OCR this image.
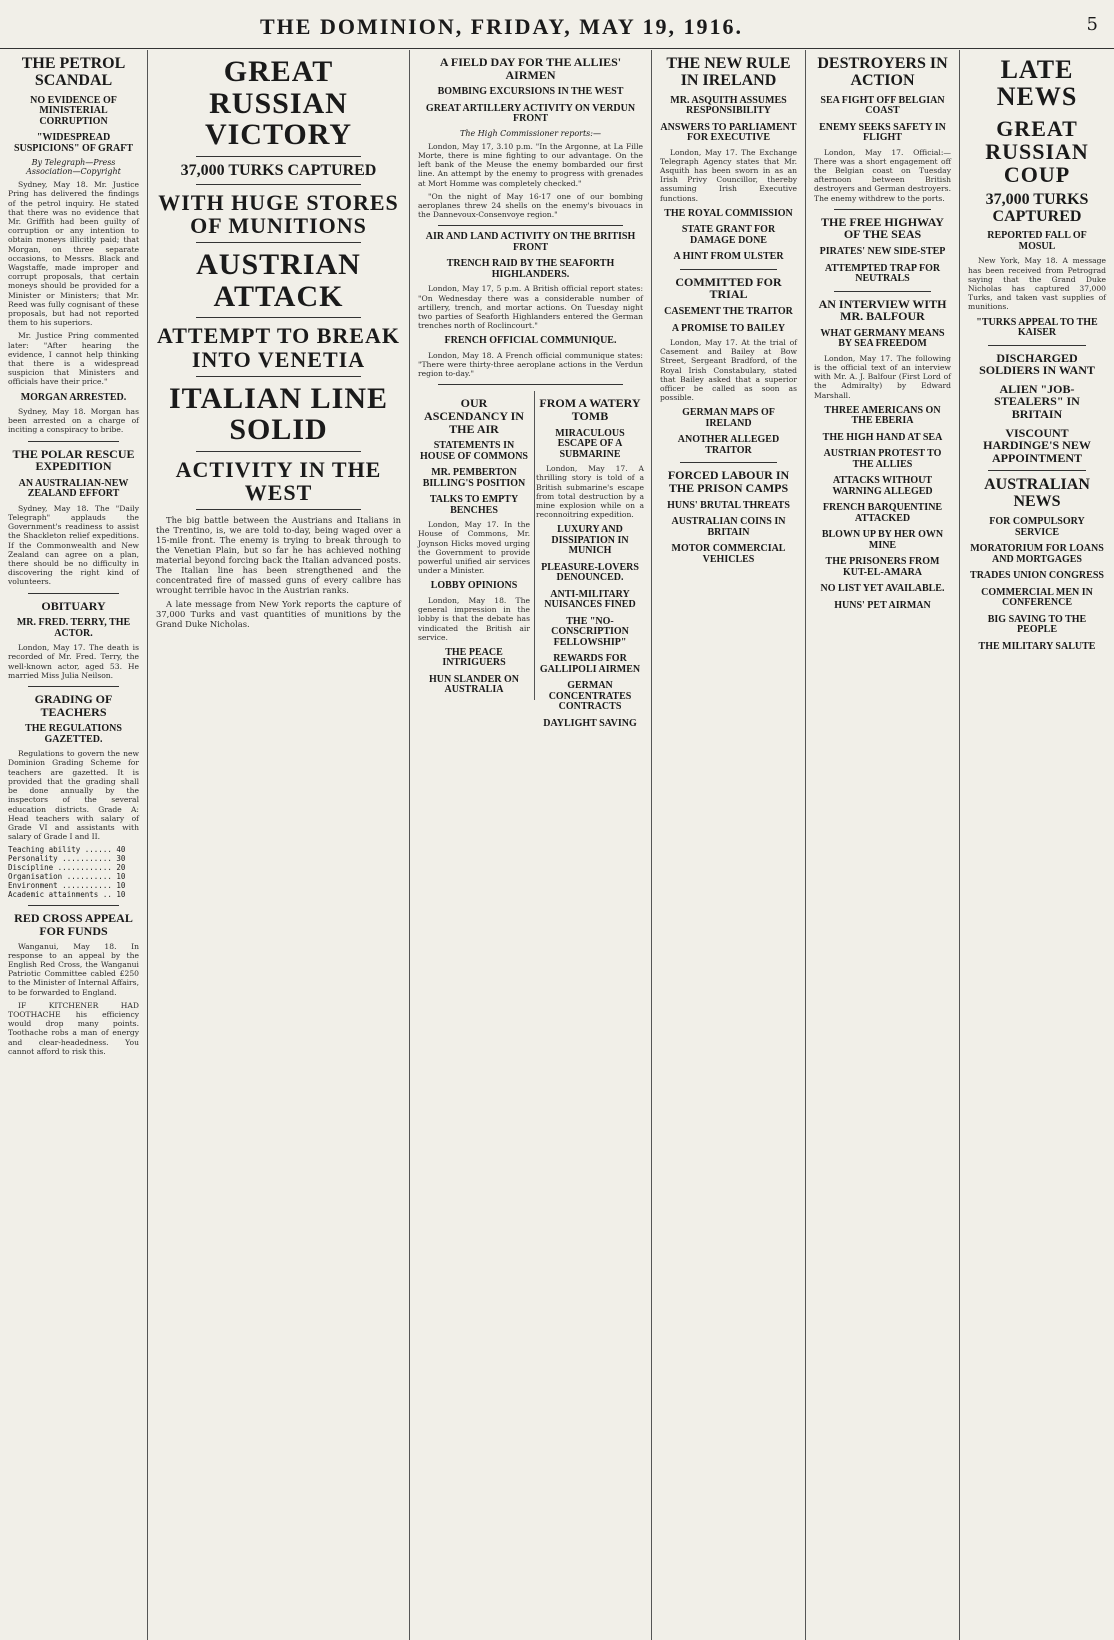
THE DOMINION, FRIDAY, MAY 19, 1916.	5
THE PETROL SCANDAL
NO EVIDENCE OF MINISTERIAL CORRUPTION
"WIDESPREAD SUSPICIONS" OF GRAFT
By Telegraph—Press Association—Copyright

Sydney, May 18. Mr. Justice Pring has delivered the findings of the petrol inquiry. He stated that there was no evidence that Mr. Griffith had been guilty of corruption or any intention to obtain moneys illicitly paid; that Morgan, on three separate occasions, to Messrs. Black and Wagstaffe, made improper and corrupt proposals, that certain moneys should be provided for a Minister or Ministers; that Mr. Reed was fully cognisant of these proposals, but had not reported them to his superiors.

Mr. Justice Pring commented later: "After hearing the evidence, I cannot help thinking that there is a widespread suspicion that Ministers and officials have their price."

MORGAN ARRESTED.

Sydney, May 18. Morgan has been arrested on a charge of inciting a conspiracy to bribe.

THE POLAR RESCUE EXPEDITION
AN AUSTRALIAN-NEW ZEALAND EFFORT

Sydney, May 18. The "Daily Telegraph" applauds the Government's readiness to assist the Shackleton relief expeditions. If the Commonwealth and New Zealand can agree on a plan, there should be no difficulty in discovering the right kind of volunteers.

OBITUARY
MR. FRED. TERRY, THE ACTOR.

London, May 17. The death is recorded of Mr. Fred. Terry, the well-known actor, aged 53. He married Miss Julia Neilson.

GRADING OF TEACHERS
THE REGULATIONS GAZETTED.

Regulations to govern the new Dominion Grading Scheme for teachers are gazetted. It is provided that the grading shall be done annually by the inspectors of the several education districts. Grade A: Head teachers with salary of Grade VI and assistants with salary of Grade I and II.

Teaching ability ...... 40
Personality ........... 30
Discipline ............ 20
Organisation .......... 10
Environment ........... 10
Academic attainments .. 10
RED CROSS APPEAL FOR FUNDS

Wanganui, May 18. In response to an appeal by the English Red Cross, the Wanganui Patriotic Committee cabled £250 to the Minister of Internal Affairs, to be forwarded to England.

IF KITCHENER HAD TOOTHACHE his efficiency would drop many points. Toothache robs a man of energy and clear-headedness. You cannot afford to risk this.

GREAT RUSSIAN VICTORY
37,000 TURKS CAPTURED
WITH HUGE STORES OF MUNITIONS
AUSTRIAN ATTACK
ATTEMPT TO BREAK INTO VENETIA
ITALIAN LINE SOLID
ACTIVITY IN THE WEST

The big battle between the Austrians and Italians in the Trentino, is, we are told to-day, being waged over a 15-mile front. The enemy is trying to break through to the Venetian Plain, but so far he has achieved nothing material beyond forcing back the Italian advanced posts. The Italian line has been strengthened and the concentrated fire of massed guns of every calibre has wrought terrible havoc in the Austrian ranks.

A late message from New York reports the capture of 37,000 Turks and vast quantities of munitions by the Grand Duke Nicholas.

A FIELD DAY FOR THE ALLIES' AIRMEN
BOMBING EXCURSIONS IN THE WEST
GREAT ARTILLERY ACTIVITY ON VERDUN FRONT
The High Commissioner reports:—

London, May 17, 3.10 p.m. "In the Argonne, at La Fille Morte, there is mine fighting to our advantage. On the left bank of the Meuse the enemy bombarded our first line. An attempt by the enemy to progress with grenades at Mort Homme was completely checked."

"On the night of May 16-17 one of our bombing aeroplanes threw 24 shells on the enemy's bivouacs in the Dannevoux-Consenvoye region."

AIR AND LAND ACTIVITY ON THE BRITISH FRONT
TRENCH RAID BY THE SEAFORTH HIGHLANDERS.

London, May 17, 5 p.m. A British official report states: "On Wednesday there was a considerable number of artillery, trench, and mortar actions. On Tuesday night two parties of Seaforth Highlanders entered the German trenches north of Roclincourt."

FRENCH OFFICIAL COMMUNIQUE.

London, May 18. A French official communique states: "There were thirty-three aeroplane actions in the Verdun region to-day."

OUR ASCENDANCY IN THE AIR
STATEMENTS IN HOUSE OF COMMONS
MR. PEMBERTON BILLING'S POSITION
TALKS TO EMPTY BENCHES

London, May 17. In the House of Commons, Mr. Joynson Hicks moved urging the Government to provide powerful unified air services under a Minister.

LOBBY OPINIONS

London, May 18. The general impression in the lobby is that the debate has vindicated the British air service.

THE PEACE INTRIGUERS
HUN SLANDER ON AUSTRALIA
FROM A WATERY TOMB
MIRACULOUS ESCAPE OF A SUBMARINE

London, May 17. A thrilling story is told of a British submarine's escape from total destruction by a mine explosion while on a reconnoitring expedition.

LUXURY AND DISSIPATION IN MUNICH
PLEASURE-LOVERS DENOUNCED.
ANTI-MILITARY NUISANCES FINED
THE "NO-CONSCRIPTION FELLOWSHIP"
REWARDS FOR GALLIPOLI AIRMEN
GERMAN CONCENTRATES CONTRACTS
DAYLIGHT SAVING
THE NEW RULE IN IRELAND
MR. ASQUITH ASSUMES RESPONSIBILITY
ANSWERS TO PARLIAMENT FOR EXECUTIVE

London, May 17. The Exchange Telegraph Agency states that Mr. Asquith has been sworn in as an Irish Privy Councillor, thereby assuming Irish Executive functions.

THE ROYAL COMMISSION
STATE GRANT FOR DAMAGE DONE
A HINT FROM ULSTER
COMMITTED FOR TRIAL
CASEMENT THE TRAITOR
A PROMISE TO BAILEY

London, May 17. At the trial of Casement and Bailey at Bow Street, Sergeant Bradford, of the Royal Irish Constabulary, stated that Bailey asked that a superior officer be called as soon as possible.

GERMAN MAPS OF IRELAND
ANOTHER ALLEGED TRAITOR
FORCED LABOUR IN THE PRISON CAMPS
HUNS' BRUTAL THREATS
AUSTRALIAN COINS IN BRITAIN
MOTOR COMMERCIAL VEHICLES
DESTROYERS IN ACTION
SEA FIGHT OFF BELGIAN COAST
ENEMY SEEKS SAFETY IN FLIGHT

London, May 17. Official:—There was a short engagement off the Belgian coast on Tuesday afternoon between British destroyers and German destroyers. The enemy withdrew to the ports.

THE FREE HIGHWAY OF THE SEAS
PIRATES' NEW SIDE-STEP
ATTEMPTED TRAP FOR NEUTRALS
AN INTERVIEW WITH MR. BALFOUR
WHAT GERMANY MEANS BY SEA FREEDOM

London, May 17. The following is the official text of an interview with Mr. A. J. Balfour (First Lord of the Admiralty) by Edward Marshall.

THREE AMERICANS ON THE EBERIA
THE HIGH HAND AT SEA
AUSTRIAN PROTEST TO THE ALLIES
ATTACKS WITHOUT WARNING ALLEGED
FRENCH BARQUENTINE ATTACKED
BLOWN UP BY HER OWN MINE
THE PRISONERS FROM KUT-EL-AMARA
NO LIST YET AVAILABLE.
HUNS' PET AIRMAN
LATE NEWS
GREAT RUSSIAN COUP
37,000 TURKS CAPTURED
REPORTED FALL OF MOSUL

New York, May 18. A message has been received from Petrograd saying that the Grand Duke Nicholas has captured 37,000 Turks, and taken vast supplies of munitions.

"TURKS APPEAL TO THE KAISER
DISCHARGED SOLDIERS IN WANT
ALIEN "JOB-STEALERS" IN BRITAIN
VISCOUNT HARDINGE'S NEW APPOINTMENT
AUSTRALIAN NEWS
FOR COMPULSORY SERVICE
MORATORIUM FOR LOANS AND MORTGAGES
TRADES UNION CONGRESS
COMMERCIAL MEN IN CONFERENCE
BIG SAVING TO THE PEOPLE
THE MILITARY SALUTE
